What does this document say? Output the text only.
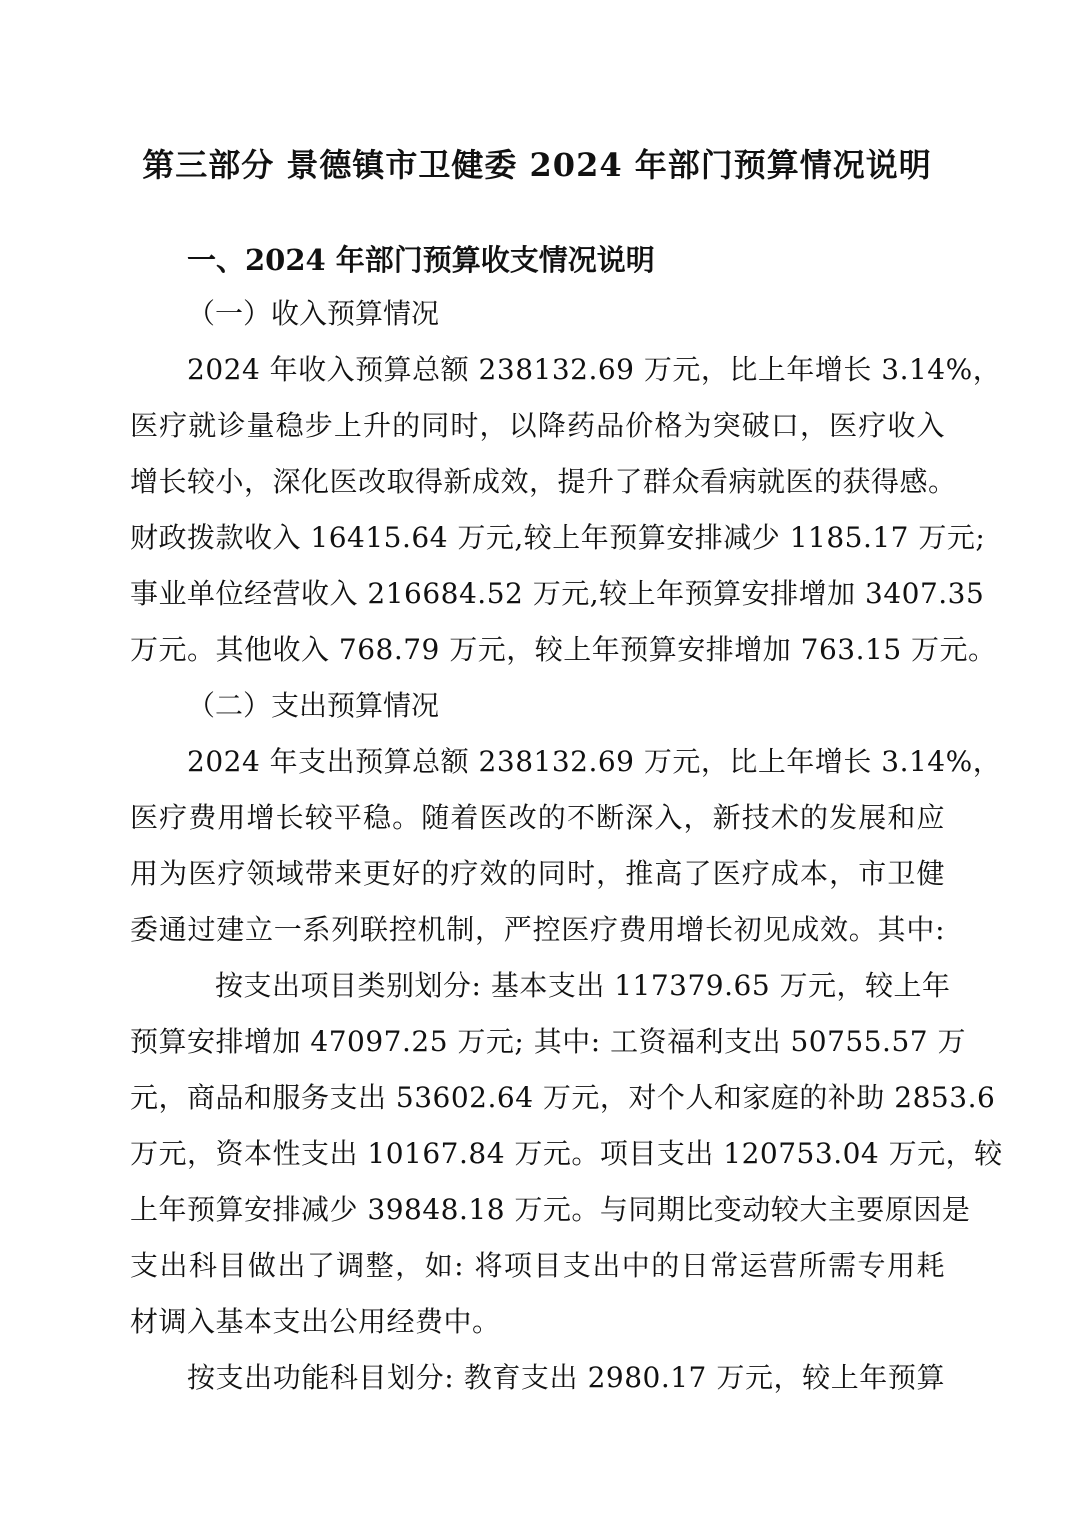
第三部分 景德镇市卫健委 2024 年部门预算情况说明
一、2024 年部门预算收支情况说明
（一）收入预算情况
2024 年收入预算总额 238132.69 万元，比上年增长 3.14%，
医疗就诊量稳步上升的同时，以降药品价格为突破口，医疗收入
增长较小，深化医改取得新成效，提升了群众看病就医的获得感。
财政拨款收入 16415.64 万元,较上年预算安排减少 1185.17 万元;
事业单位经营收入 216684.52 万元,较上年预算安排增加 3407.35
万元。其他收入 768.79 万元，较上年预算安排增加 763.15 万元。
（二）支出预算情况
2024 年支出预算总额 238132.69 万元，比上年增长 3.14%，
医疗费用增长较平稳。随着医改的不断深入，新技术的发展和应
用为医疗领域带来更好的疗效的同时，推高了医疗成本，市卫健
委通过建立一系列联控机制，严控医疗费用增长初见成效。其中:
按支出项目类别划分: 基本支出 117379.65 万元，较上年
预算安排增加 47097.25 万元; 其中: 工资福利支出 50755.57 万
元，商品和服务支出 53602.64 万元，对个人和家庭的补助 2853.6
万元，资本性支出 10167.84 万元。项目支出 120753.04 万元，较
上年预算安排减少 39848.18 万元。与同期比变动较大主要原因是
支出科目做出了调整，如: 将项目支出中的日常运营所需专用耗
材调入基本支出公用经费中。
按支出功能科目划分: 教育支出 2980.17 万元，较上年预算
